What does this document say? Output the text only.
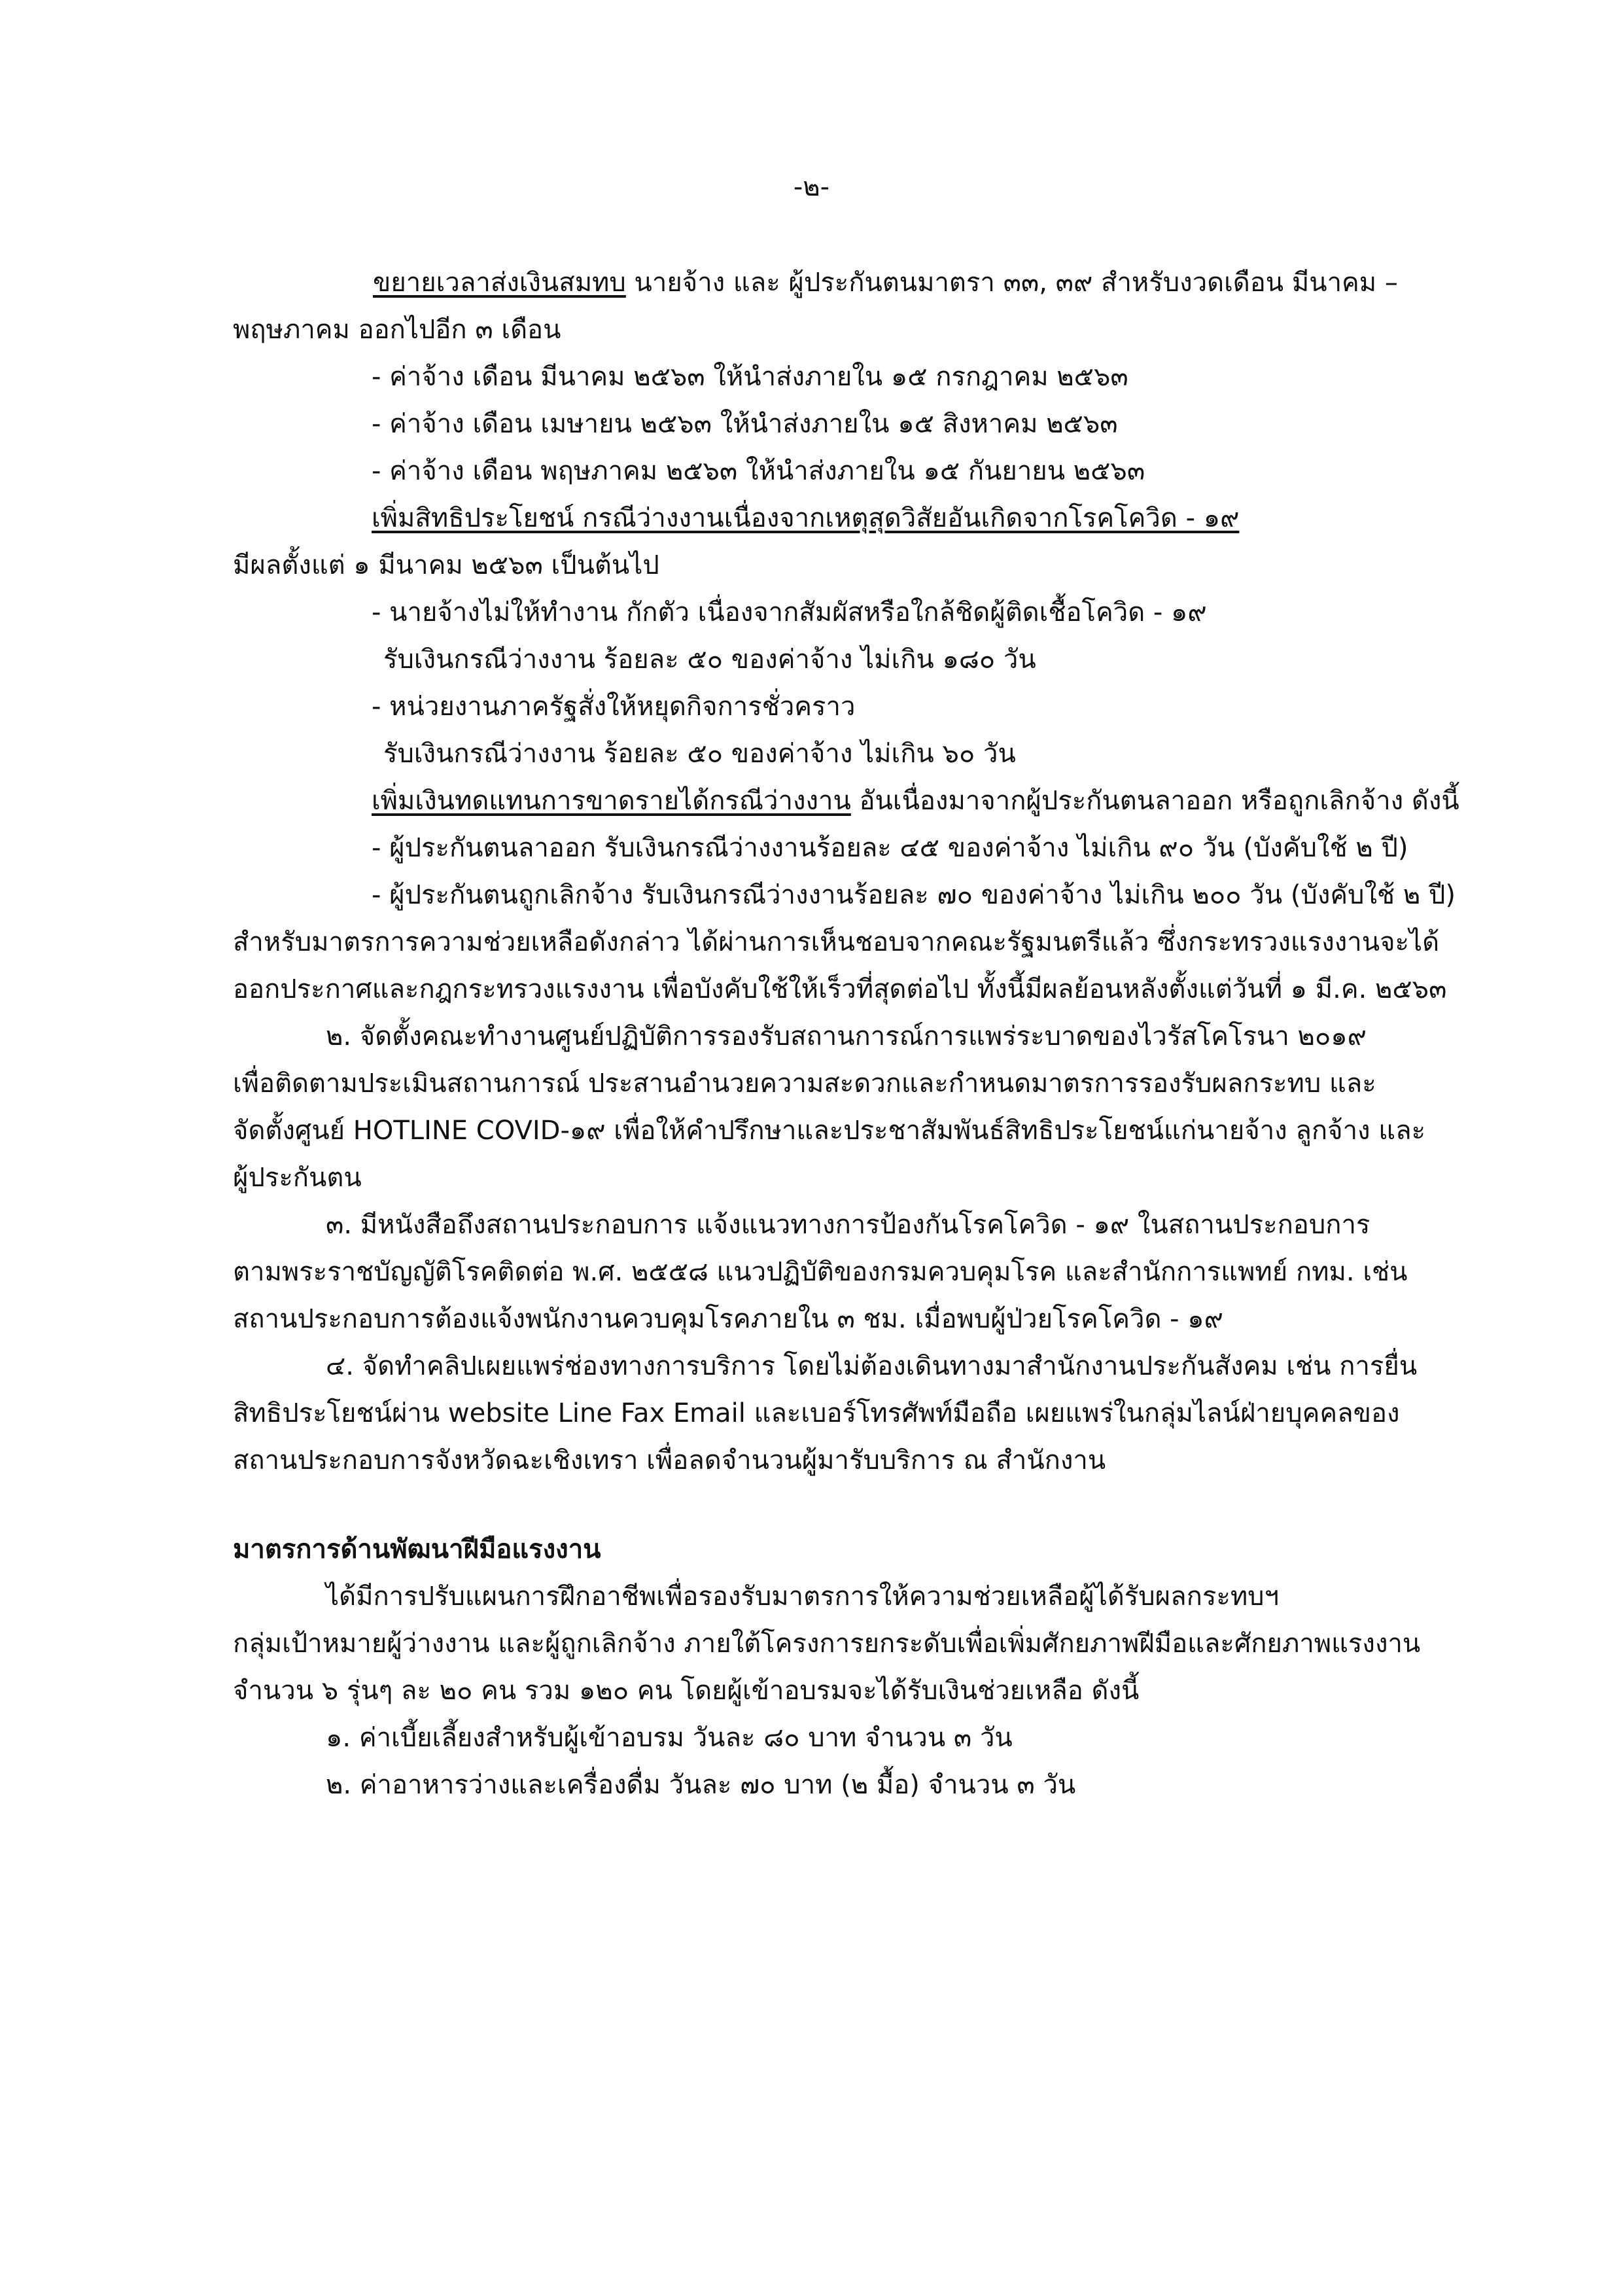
-๒-
ขยายเวลาส่งเงินสมทบ นายจ้าง และ ผู้ประกันตนมาตรา ๓๓, ๓๙ สำหรับงวดเดือน มีนาคม –
พฤษภาคม ออกไปอีก ๓ เดือน
- ค่าจ้าง เดือน มีนาคม ๒๕๖๓ ให้นำส่งภายใน ๑๕ กรกฎาคม ๒๕๖๓
- ค่าจ้าง เดือน เมษายน ๒๕๖๓ ให้นำส่งภายใน ๑๕ สิงหาคม ๒๕๖๓
- ค่าจ้าง เดือน พฤษภาคม ๒๕๖๓ ให้นำส่งภายใน ๑๕ กันยายน ๒๕๖๓
เพิ่มสิทธิประโยชน์ กรณีว่างงานเนื่องจากเหตุสุดวิสัยอันเกิดจากโรคโควิด - ๑๙
มีผลตั้งแต่ ๑ มีนาคม ๒๕๖๓ เป็นต้นไป
- นายจ้างไม่ให้ทำงาน กักตัว เนื่องจากสัมผัสหรือใกล้ชิดผู้ติดเชื้อโควิด - ๑๙
รับเงินกรณีว่างงาน ร้อยละ ๕๐ ของค่าจ้าง ไม่เกิน ๑๘๐ วัน
- หน่วยงานภาครัฐสั่งให้หยุดกิจการชั่วคราว
รับเงินกรณีว่างงาน ร้อยละ ๕๐ ของค่าจ้าง ไม่เกิน ๖๐ วัน
เพิ่มเงินทดแทนการขาดรายได้กรณีว่างงาน อันเนื่องมาจากผู้ประกันตนลาออก หรือถูกเลิกจ้าง ดังนี้
- ผู้ประกันตนลาออก รับเงินกรณีว่างงานร้อยละ ๔๕ ของค่าจ้าง ไม่เกิน ๙๐ วัน (บังคับใช้ ๒ ปี)
- ผู้ประกันตนถูกเลิกจ้าง รับเงินกรณีว่างงานร้อยละ ๗๐ ของค่าจ้าง ไม่เกิน ๒๐๐ วัน (บังคับใช้ ๒ ปี)
สำหรับมาตรการความช่วยเหลือดังกล่าว ได้ผ่านการเห็นชอบจากคณะรัฐมนตรีแล้ว ซึ่งกระทรวงแรงงานจะได้
ออกประกาศและกฎกระทรวงแรงงาน เพื่อบังคับใช้ให้เร็วที่สุดต่อไป ทั้งนี้มีผลย้อนหลังตั้งแต่วันที่ ๑ มี.ค. ๒๕๖๓
๒. จัดตั้งคณะทำงานศูนย์ปฏิบัติการรองรับสถานการณ์การแพร่ระบาดของไวรัสโคโรนา ๒๐๑๙
เพื่อติดตามประเมินสถานการณ์ ประสานอำนวยความสะดวกและกำหนดมาตรการรองรับผลกระทบ และ
จัดตั้งศูนย์ HOTLINE COVID-๑๙ เพื่อให้คำปรึกษาและประชาสัมพันธ์สิทธิประโยชน์แก่นายจ้าง ลูกจ้าง และ
ผู้ประกันตน
๓. มีหนังสือถึงสถานประกอบการ แจ้งแนวทางการป้องกันโรคโควิด - ๑๙ ในสถานประกอบการ
ตามพระราชบัญญัติโรคติดต่อ พ.ศ. ๒๕๕๘ แนวปฏิบัติของกรมควบคุมโรค และสำนักการแพทย์ กทม. เช่น
สถานประกอบการต้องแจ้งพนักงานควบคุมโรคภายใน ๓ ชม. เมื่อพบผู้ป่วยโรคโควิด - ๑๙
๔. จัดทำคลิปเผยแพร่ช่องทางการบริการ โดยไม่ต้องเดินทางมาสำนักงานประกันสังคม เช่น การยื่น
สิทธิประโยชน์ผ่าน website Line Fax Email และเบอร์โทรศัพท์มือถือ เผยแพร่ในกลุ่มไลน์ฝ่ายบุคคลของ
สถานประกอบการจังหวัดฉะเชิงเทรา เพื่อลดจำนวนผู้มารับบริการ ณ สำนักงาน
มาตรการด้านพัฒนาฝีมือแรงงาน
ได้มีการปรับแผนการฝึกอาชีพเพื่อรองรับมาตรการให้ความช่วยเหลือผู้ได้รับผลกระทบฯ
กลุ่มเป้าหมายผู้ว่างงาน และผู้ถูกเลิกจ้าง ภายใต้โครงการยกระดับเพื่อเพิ่มศักยภาพฝีมือและศักยภาพแรงงาน
จำนวน ๖ รุ่นๆ ละ ๒๐ คน รวม ๑๒๐ คน โดยผู้เข้าอบรมจะได้รับเงินช่วยเหลือ ดังนี้
๑. ค่าเบี้ยเลี้ยงสำหรับผู้เข้าอบรม วันละ ๘๐ บาท จำนวน ๓ วัน
๒. ค่าอาหารว่างและเครื่องดื่ม วันละ ๗๐ บาท (๒ มื้อ) จำนวน ๓ วัน
